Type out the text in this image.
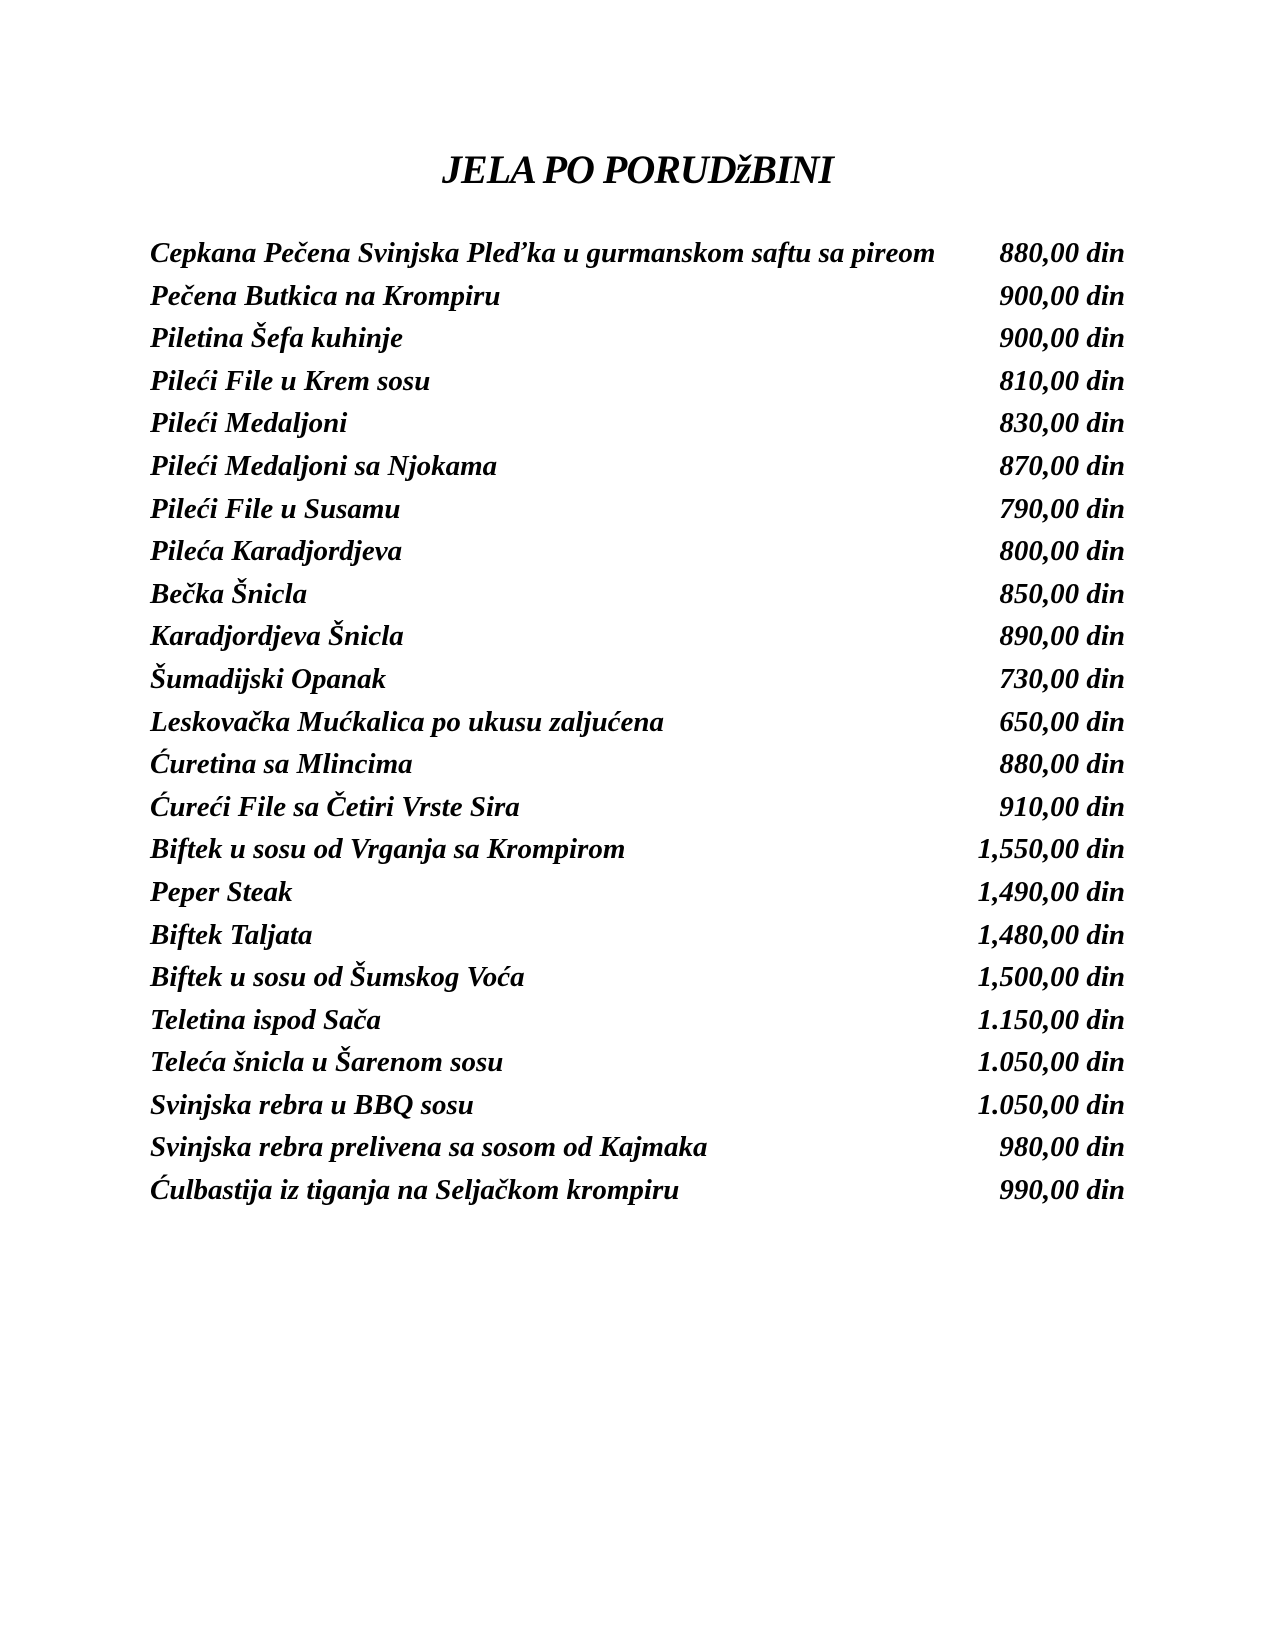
JELA PO PORUDžBINI
Cepkana Pečena Svinjska Pleďka u gurmanskom saftu sa pireom	880,00 din
Pečena Butkica na Krompiru	900,00 din
Piletina Šefa kuhinje	900,00 din
Pileći File u Krem sosu	810,00 din
Pileći Medaljoni	830,00 din
Pileći Medaljoni sa Njokama	870,00 din
Pileći File u Susamu	790,00 din
Pileća Karadjordjeva	800,00 din
Bečka Šnicla	850,00 din
Karadjordjeva Šnicla	890,00 din
Šumadijski Opanak	730,00 din
Leskovačka Mućkalica po ukusu zaljućena	650,00 din
Ćuretina sa Mlincima	880,00 din
Ćureći File sa Četiri Vrste Sira	910,00 din
Biftek u sosu od Vrganja sa Krompirom	1,550,00 din
Peper Steak	1,490,00 din
Biftek Taljata	1,480,00 din
Biftek u sosu od Šumskog Voća	1,500,00 din
Teletina ispod Sača	1.150,00 din
Teleća šnicla u Šarenom sosu	1.050,00 din
Svinjska rebra u BBQ sosu	1.050,00 din
Svinjska rebra prelivena sa sosom od Kajmaka	980,00 din
Ćulbastija iz tiganja na Seljačkom krompiru	990,00 din
